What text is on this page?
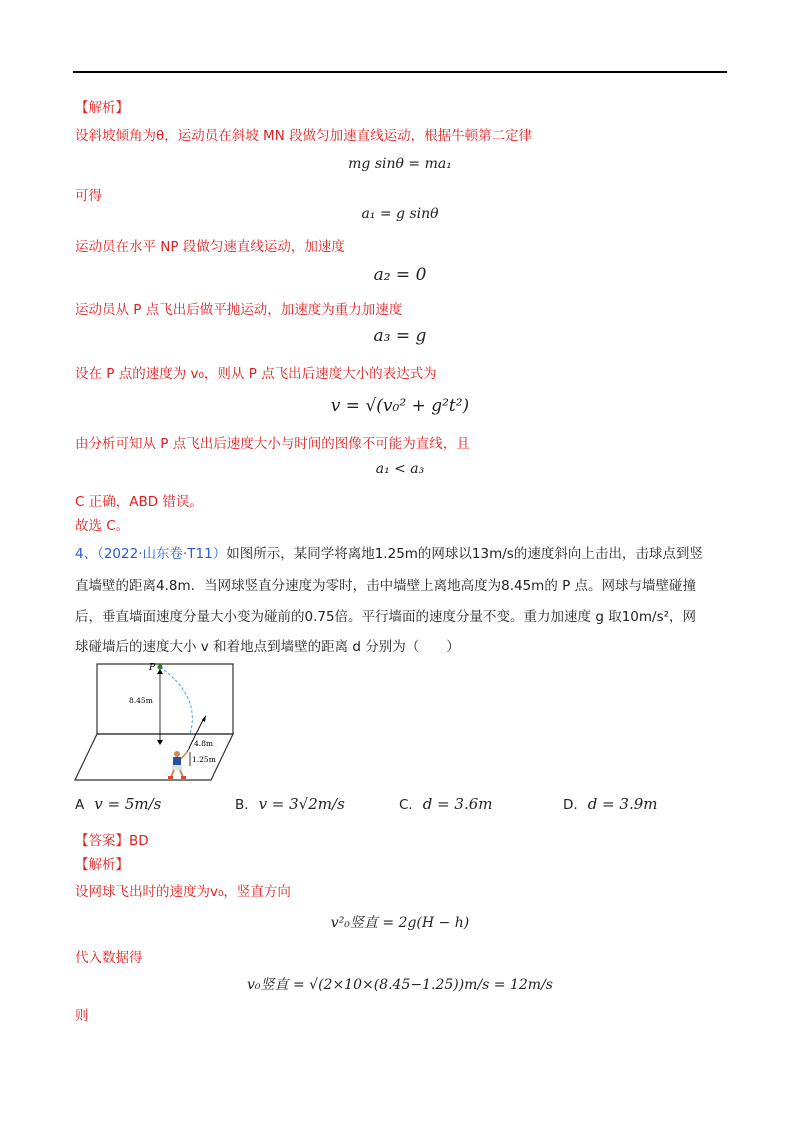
【解析】
设斜坡倾角为θ，运动员在斜坡 MN 段做匀加速直线运动，根据牛顿第二定律
mg sinθ = ma₁
可得
a₁ = g sinθ
运动员在水平 NP 段做匀速直线运动，加速度
a₂ = 0
运动员从 P 点飞出后做平抛运动，加速度为重力加速度
a₃ = g
设在 P 点的速度为 v₀，则从 P 点飞出后速度大小的表达式为
v = √(v₀² + g²t²)
由分析可知从 P 点飞出后速度大小与时间的图像不可能为直线，且
a₁ < a₃
C 正确，ABD 错误。
故选 C。
4、（2022·山东卷·T11）如图所示，某同学将离地1.25m的网球以13m/s的速度斜向上击出，击球点到竖
直墙壁的距离4.8m．当网球竖直分速度为零时，击中墙壁上离地高度为8.45m的 P 点。网球与墙壁碰撞
后，垂直墙面速度分量大小变为碰前的0.75倍。平行墙面的速度分量不变。重力加速度 g 取10m/s²，网
球碰墙后的速度大小 v 和着地点到墙壁的距离 d 分别为（　　）
P
8.45m
4.8m
1.25m
A v = 5m/s	B. v = 3√2m/s	C. d = 3.6m	D. d = 3.9m
【答案】BD
【解析】
设网球飞出时的速度为v₀，竖直方向
v²₀竖直 = 2g(H − h)
代入数据得
v₀竖直 = √(2×10×(8.45−1.25))m/s = 12m/s
则
